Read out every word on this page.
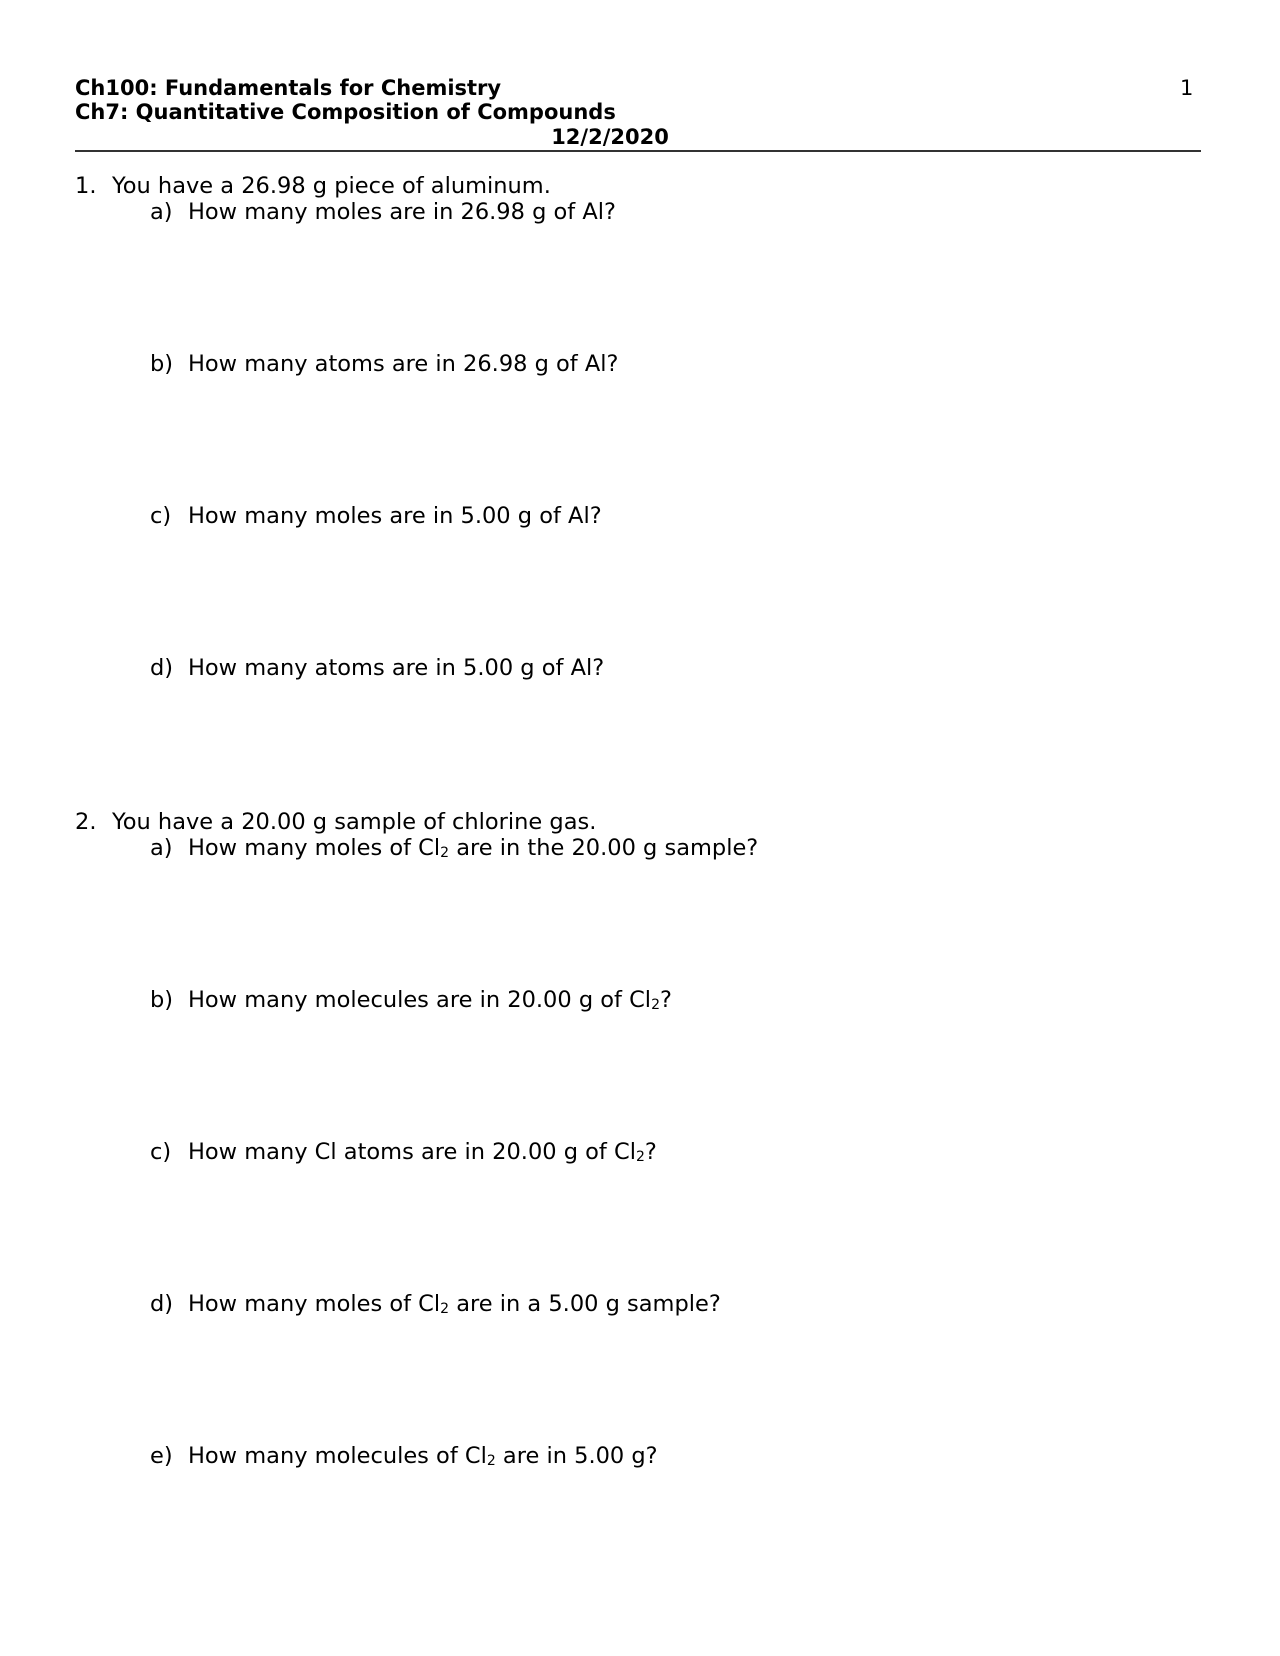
Ch100: Fundamentals for Chemistry
Ch7: Quantitative Composition of Compounds
12/2/2020
1
1. You have a 26.98 g piece of aluminum.
a) How many moles are in 26.98 g of Al?
b) How many atoms are in 26.98 g of Al?
c) How many moles are in 5.00 g of Al?
d) How many atoms are in 5.00 g of Al?
2. You have a 20.00 g sample of chlorine gas.
a) How many moles of $Cl_2$ are in the 20.00 g sample?
b) How many molecules are in 20.00 g of $Cl_2$?
c) How many Cl atoms are in 20.00 g of $Cl_2$?
d) How many moles of $Cl_2$ are in a 5.00 g sample?
e) How many molecules of $Cl_2$ are in 5.00 g?
